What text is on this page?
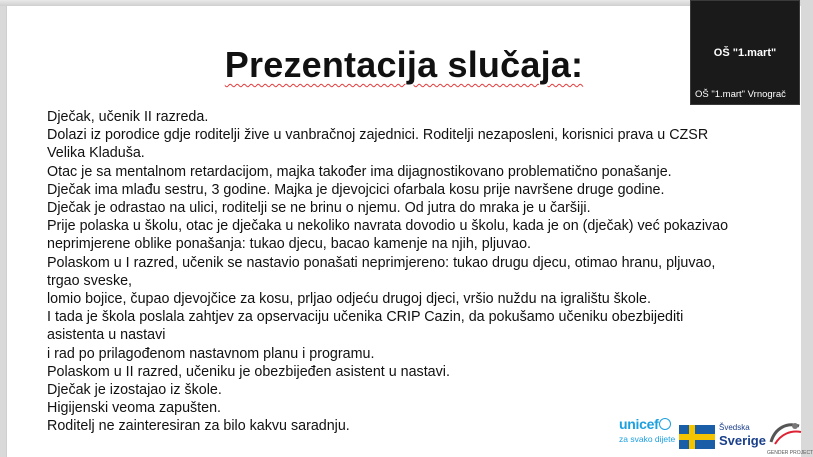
Prezentacija slučaja:
Dječak, učenik II razreda.
Dolazi iz porodice gdje roditelji žive u vanbračnoj zajednici. Roditelji nezaposleni, korisnici prava u CZSR
Velika Kladuša.
Otac je sa mentalnom retardacijom, majka također ima dijagnostikovano problematično ponašanje.
Dječak ima mlađu sestru, 3 godine. Majka je djevojcici ofarbala kosu prije navršene druge godine.
Dječak je odrastao na ulici, roditelji se ne brinu o njemu. Od jutra do mraka je u čaršiji.
Prije polaska u školu, otac je dječaka u nekoliko navrata dovodio u školu, kada je on (dječak) već pokazivao
neprimjerene oblike ponašanja: tukao djecu, bacao kamenje na njih, pljuvao.
Polaskom u I razred, učenik se nastavio ponašati neprimjereno: tukao drugu djecu, otimao hranu, pljuvao,
trgao sveske,
lomio bojice, čupao djevojčice za kosu, prljao odjeću drugoj djeci, vršio nuždu na igralištu škole.
I tada je škola poslala zahtjev za opservaciju učenika CRIP Cazin, da pokušamo učeniku obezbijediti
asistenta u nastavi
i rad po prilagođenom nastavnom planu i programu.
Polaskom u II razred, učeniku je obezbijeđen asistent u nastavi.
Dječak je izostajao iz škole.
Higijenski veoma zapušten.
Roditelj ne zainteresiran za bilo kakvu saradnju.	unicef
za svako dijete
Švedska
Sverige
GENDER PROJECT
OŠ "1.mart"
OŠ "1.mart" Vrnograč
